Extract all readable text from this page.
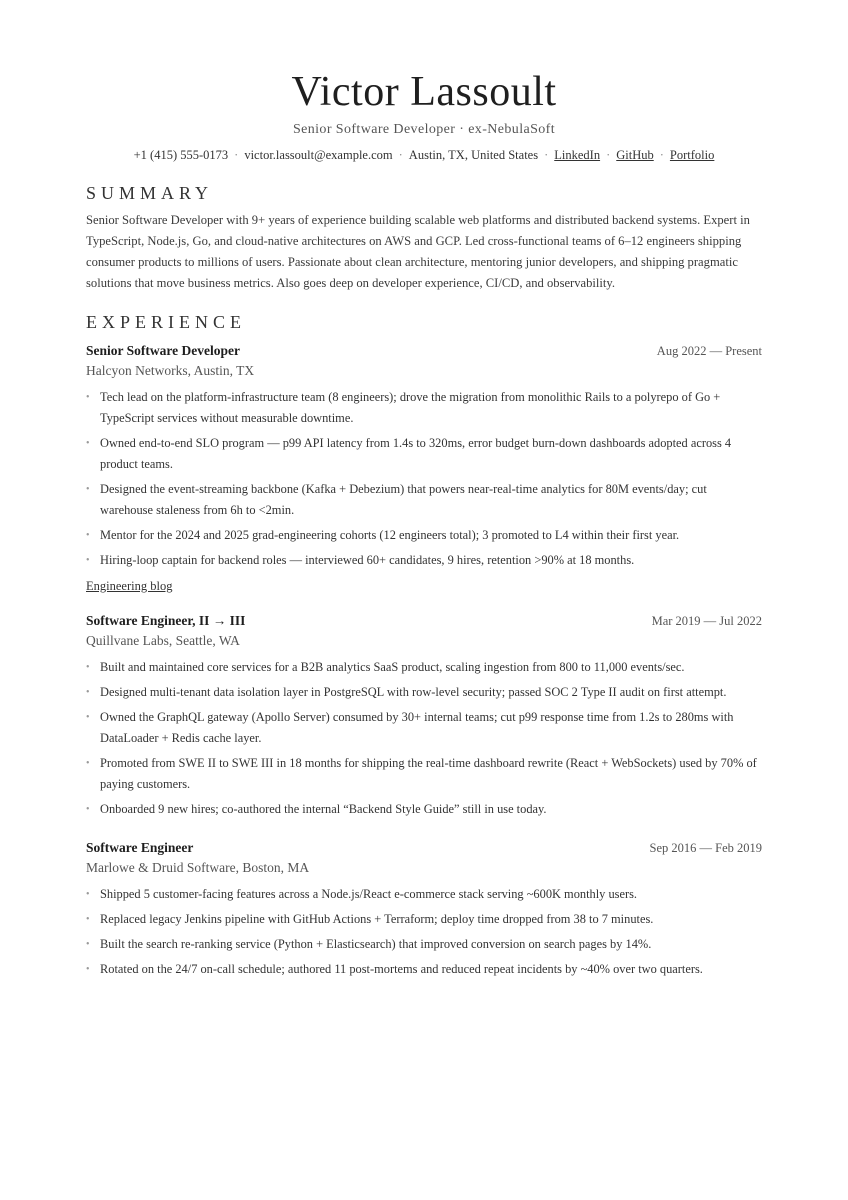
Victor Lassoult
Senior Software Developer · ex-NebulaSoft
+1 (415) 555-0173 · victor.lassoult@example.com · Austin, TX, United States · LinkedIn · GitHub · Portfolio
SUMMARY

Senior Software Developer with 9+ years of experience building scalable web platforms and distributed backend systems. Expert in TypeScript, Node.js, Go, and cloud-native architectures on AWS and GCP. Led cross-functional teams of 6–12 engineers shipping consumer products to millions of users. Passionate about clean architecture, mentoring junior developers, and shipping pragmatic solutions that move business metrics. Also goes deep on developer experience, CI/CD, and observability.

EXPERIENCE
Senior Software Developer	Aug 2022 — Present
Halcyon Networks, Austin, TX
• Tech lead on the platform-infrastructure team (8 engineers); drove the migration from monolithic Rails to a polyrepo of Go + TypeScript services without measurable downtime.
• Owned end-to-end SLO program — p99 API latency from 1.4s to 320ms, error budget burn-down dashboards adopted across 4 product teams.
• Designed the event-streaming backbone (Kafka + Debezium) that powers near-real-time analytics for 80M events/day; cut warehouse staleness from 6h to <2min.
• Mentor for the 2024 and 2025 grad-engineering cohorts (12 engineers total); 3 promoted to L4 within their first year.
• Hiring-loop captain for backend roles — interviewed 60+ candidates, 9 hires, retention >90% at 18 months.
Engineering blog
Software Engineer, II → III	Mar 2019 — Jul 2022
Quillvane Labs, Seattle, WA
• Built and maintained core services for a B2B analytics SaaS product, scaling ingestion from 800 to 11,000 events/sec.
• Designed multi-tenant data isolation layer in PostgreSQL with row-level security; passed SOC 2 Type II audit on first attempt.
• Owned the GraphQL gateway (Apollo Server) consumed by 30+ internal teams; cut p99 response time from 1.2s to 280ms with DataLoader + Redis cache layer.
• Promoted from SWE II to SWE III in 18 months for shipping the real-time dashboard rewrite (React + WebSockets) used by 70% of paying customers.
• Onboarded 9 new hires; co-authored the internal “Backend Style Guide” still in use today.
Software Engineer	Sep 2016 — Feb 2019
Marlowe & Druid Software, Boston, MA
• Shipped 5 customer-facing features across a Node.js/React e-commerce stack serving ~600K monthly users.
• Replaced legacy Jenkins pipeline with GitHub Actions + Terraform; deploy time dropped from 38 to 7 minutes.
• Built the search re-ranking service (Python + Elasticsearch) that improved conversion on search pages by 14%.
• Rotated on the 24/7 on-call schedule; authored 11 post-mortems and reduced repeat incidents by ~40% over two quarters.
